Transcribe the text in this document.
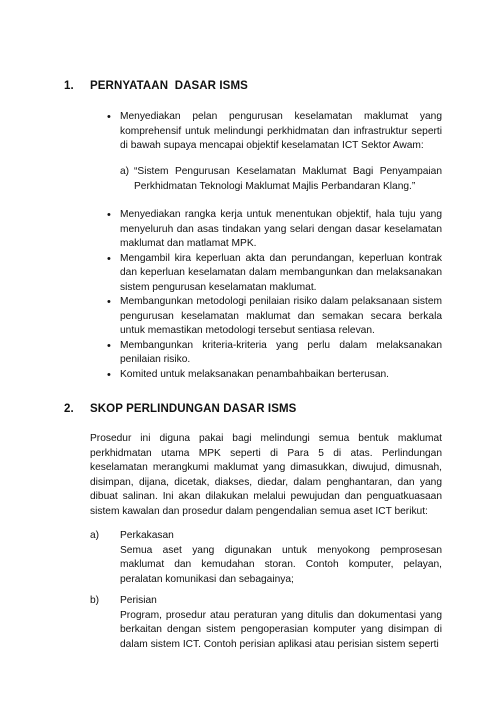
1. PERNYATAAN  DASAR ISMS
• Menyediakan pelan pengurusan keselamatan maklumat yang komprehensif untuk melindungi perkhidmatan dan infrastruktur seperti di bawah supaya mencapai objektif keselamatan ICT Sektor Awam:
a) “Sistem Pengurusan Keselamatan Maklumat Bagi Penyampaian Perkhidmatan Teknologi Maklumat Majlis Perbandaran Klang.”
• Menyediakan rangka kerja untuk menentukan objektif, hala tuju yang menyeluruh dan asas tindakan yang selari dengan dasar keselamatan maklumat dan matlamat MPK.
• Mengambil kira keperluan akta dan perundangan, keperluan kontrak dan keperluan keselamatan dalam membangunkan dan melaksanakan sistem pengurusan keselamatan maklumat.
• Membangunkan metodologi penilaian risiko dalam pelaksanaan sistem pengurusan keselamatan maklumat dan semakan secara berkala untuk memastikan metodologi tersebut sentiasa relevan.
• Membangunkan kriteria-kriteria yang perlu dalam melaksanakan penilaian risiko.
• Komited untuk melaksanakan penambahbaikan berterusan.
2. SKOP PERLINDUNGAN DASAR ISMS
Prosedur ini diguna pakai bagi melindungi semua bentuk maklumat perkhidmatan utama MPK seperti di Para 5 di atas. Perlindungan keselamatan merangkumi maklumat yang dimasukkan, diwujud, dimusnah, disimpan, dijana, dicetak, diakses, diedar, dalam penghantaran, dan yang dibuat salinan. Ini akan dilakukan melalui pewujudan dan penguatkuasaan sistem kawalan dan prosedur dalam pengendalian semua aset ICT berikut:
a) Perkakasan
Semua aset yang digunakan untuk menyokong pemprosesan maklumat dan kemudahan storan. Contoh komputer, pelayan, peralatan komunikasi dan sebagainya;
b) Perisian
Program, prosedur atau peraturan yang ditulis dan dokumentasi yang berkaitan dengan sistem pengoperasian komputer yang disimpan di dalam sistem ICT. Contoh perisian aplikasi atau perisian sistem seperti
